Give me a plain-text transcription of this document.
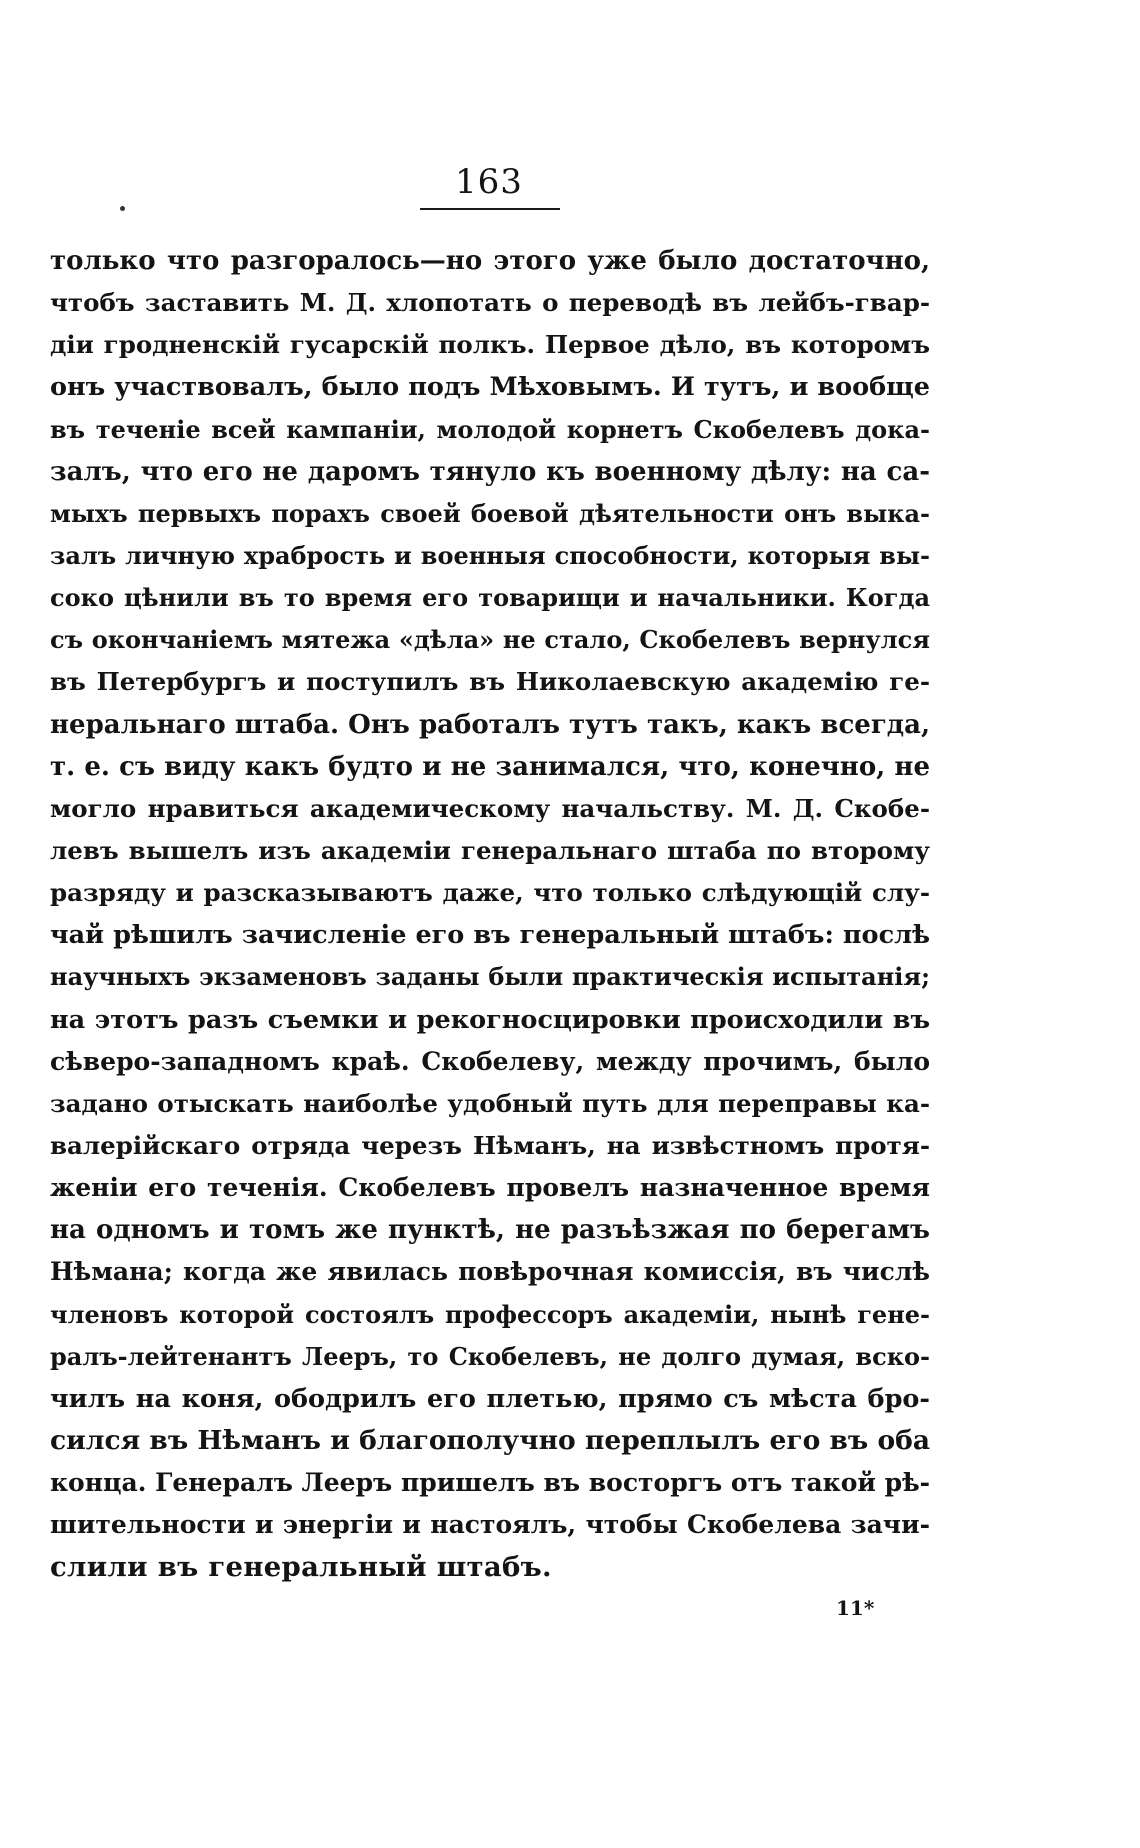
163
только что разгоралось—но этого уже было достаточно,
чтобъ заставить М. Д. хлопотать о переводѣ въ лейбъ-гвар-
діи гродненскій гусарскій полкъ. Первое дѣло, въ которомъ
онъ участвовалъ, было подъ Мѣховымъ. И тутъ, и вообще
въ теченіе всей кампаніи, молодой корнетъ Скобелевъ дока-
залъ, что его не даромъ тянуло къ военному дѣлу: на са-
мыхъ первыхъ порахъ своей боевой дѣятельности онъ выка-
залъ личную храбрость и военныя способности, которыя вы-
соко цѣнили въ то время его товарищи и начальники. Когда
съ окончаніемъ мятежа «дѣла» не стало, Скобелевъ вернулся
въ Петербургъ и поступилъ въ Николаевскую академію ге-
неральнаго штаба. Онъ работалъ тутъ такъ, какъ всегда,
т. е. съ виду какъ будто и не занимался, что, конечно, не
могло нравиться академическому начальству. М. Д. Скобе-
левъ вышелъ изъ академіи генеральнаго штаба по второму
разряду и разсказываютъ даже, что только слѣдующій слу-
чай рѣшилъ зачисленіе его въ генеральный штабъ: послѣ
научныхъ экзаменовъ заданы были практическія испытанія;
на этотъ разъ съемки и рекогносцировки происходили въ
сѣверо-западномъ краѣ. Скобелеву, между прочимъ, было
задано отыскать наиболѣе удобный путь для переправы ка-
валерійскаго отряда черезъ Нѣманъ, на извѣстномъ протя-
женіи его теченія. Скобелевъ провелъ назначенное время
на одномъ и томъ же пунктѣ, не разъѣзжая по берегамъ
Нѣмана; когда же явилась повѣрочная комиссія, въ числѣ
членовъ которой состоялъ профессоръ академіи, нынѣ гене-
ралъ-лейтенантъ Лееръ, то Скобелевъ, не долго думая, вско-
чилъ на коня, ободрилъ его плетью, прямо съ мѣста бро-
сился въ Нѣманъ и благополучно переплылъ его въ оба
конца. Генералъ Лееръ пришелъ въ восторгъ отъ такой рѣ-
шительности и энергіи и настоялъ, чтобы Скобелева зачи-
слили въ генеральный штабъ.
11*
